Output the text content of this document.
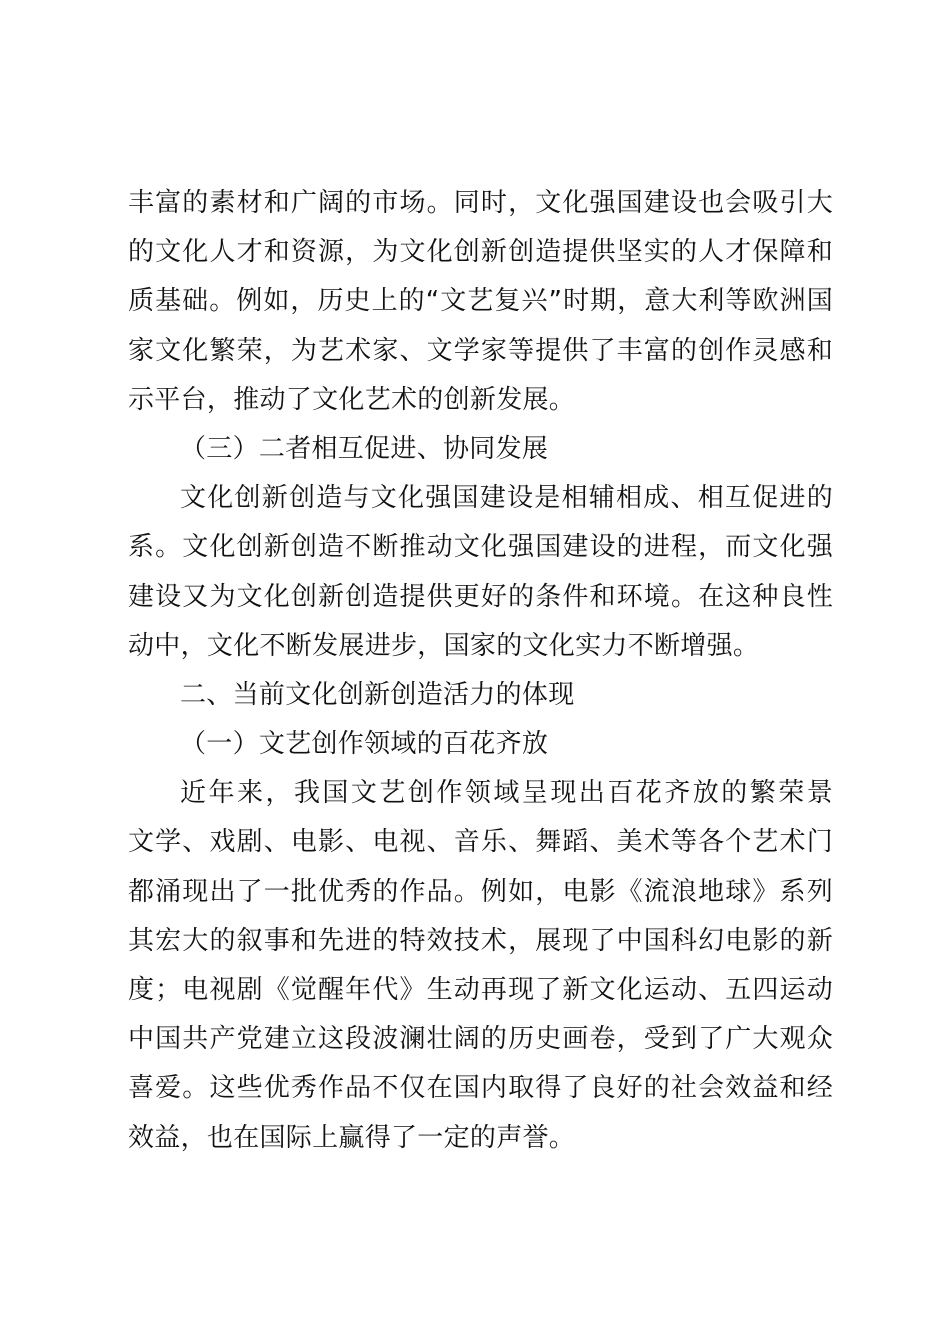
丰富的素材和广阔的市场。同时，文化强国建设也会吸引大
的文化人才和资源，为文化创新创造提供坚实的人才保障和
质基础。例如，历史上的“文艺复兴”时期，意大利等欧洲国
家文化繁荣，为艺术家、文学家等提供了丰富的创作灵感和
示平台，推动了文化艺术的创新发展。
（三）二者相互促进、协同发展
文化创新创造与文化强国建设是相辅相成、相互促进的
系。文化创新创造不断推动文化强国建设的进程，而文化强
建设又为文化创新创造提供更好的条件和环境。在这种良性
动中，文化不断发展进步，国家的文化实力不断增强。
二、当前文化创新创造活力的体现
（一）文艺创作领域的百花齐放
近年来，我国文艺创作领域呈现出百花齐放的繁荣景
文学、戏剧、电影、电视、音乐、舞蹈、美术等各个艺术门
都涌现出了一批优秀的作品。例如，电影《流浪地球》系列
其宏大的叙事和先进的特效技术，展现了中国科幻电影的新
度；电视剧《觉醒年代》生动再现了新文化运动、五四运动
中国共产党建立这段波澜壮阔的历史画卷，受到了广大观众
喜爱。这些优秀作品不仅在国内取得了良好的社会效益和经
效益，也在国际上赢得了一定的声誉。
